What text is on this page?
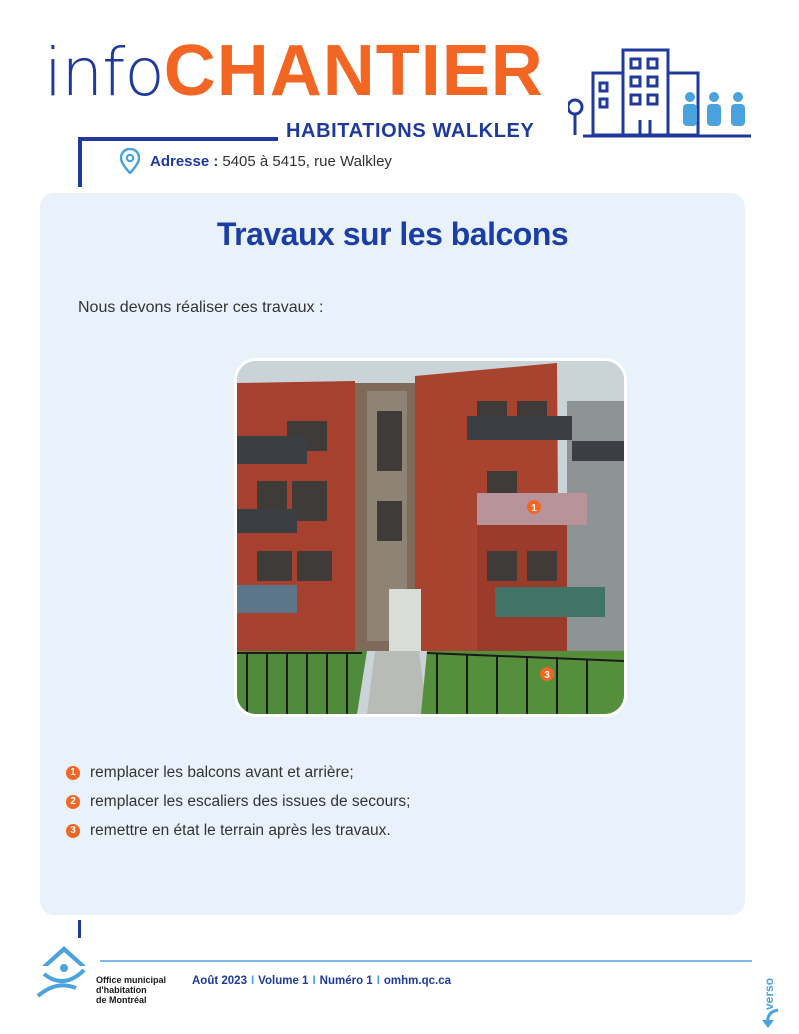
info CHANTIER
HABITATIONS WALKLEY
Adresse : 5405 à 5415, rue Walkley
Travaux sur les balcons
Nous devons réaliser ces travaux :
1
3
1 remplacer les balcons avant et arrière;
2 remplacer les escaliers des issues de secours;
3 remettre en état le terrain après les travaux.
Office municipal
d'habitation
de Montréal
Août 2023 I Volume 1 I Numéro 1 I omhm.qc.ca	verso
